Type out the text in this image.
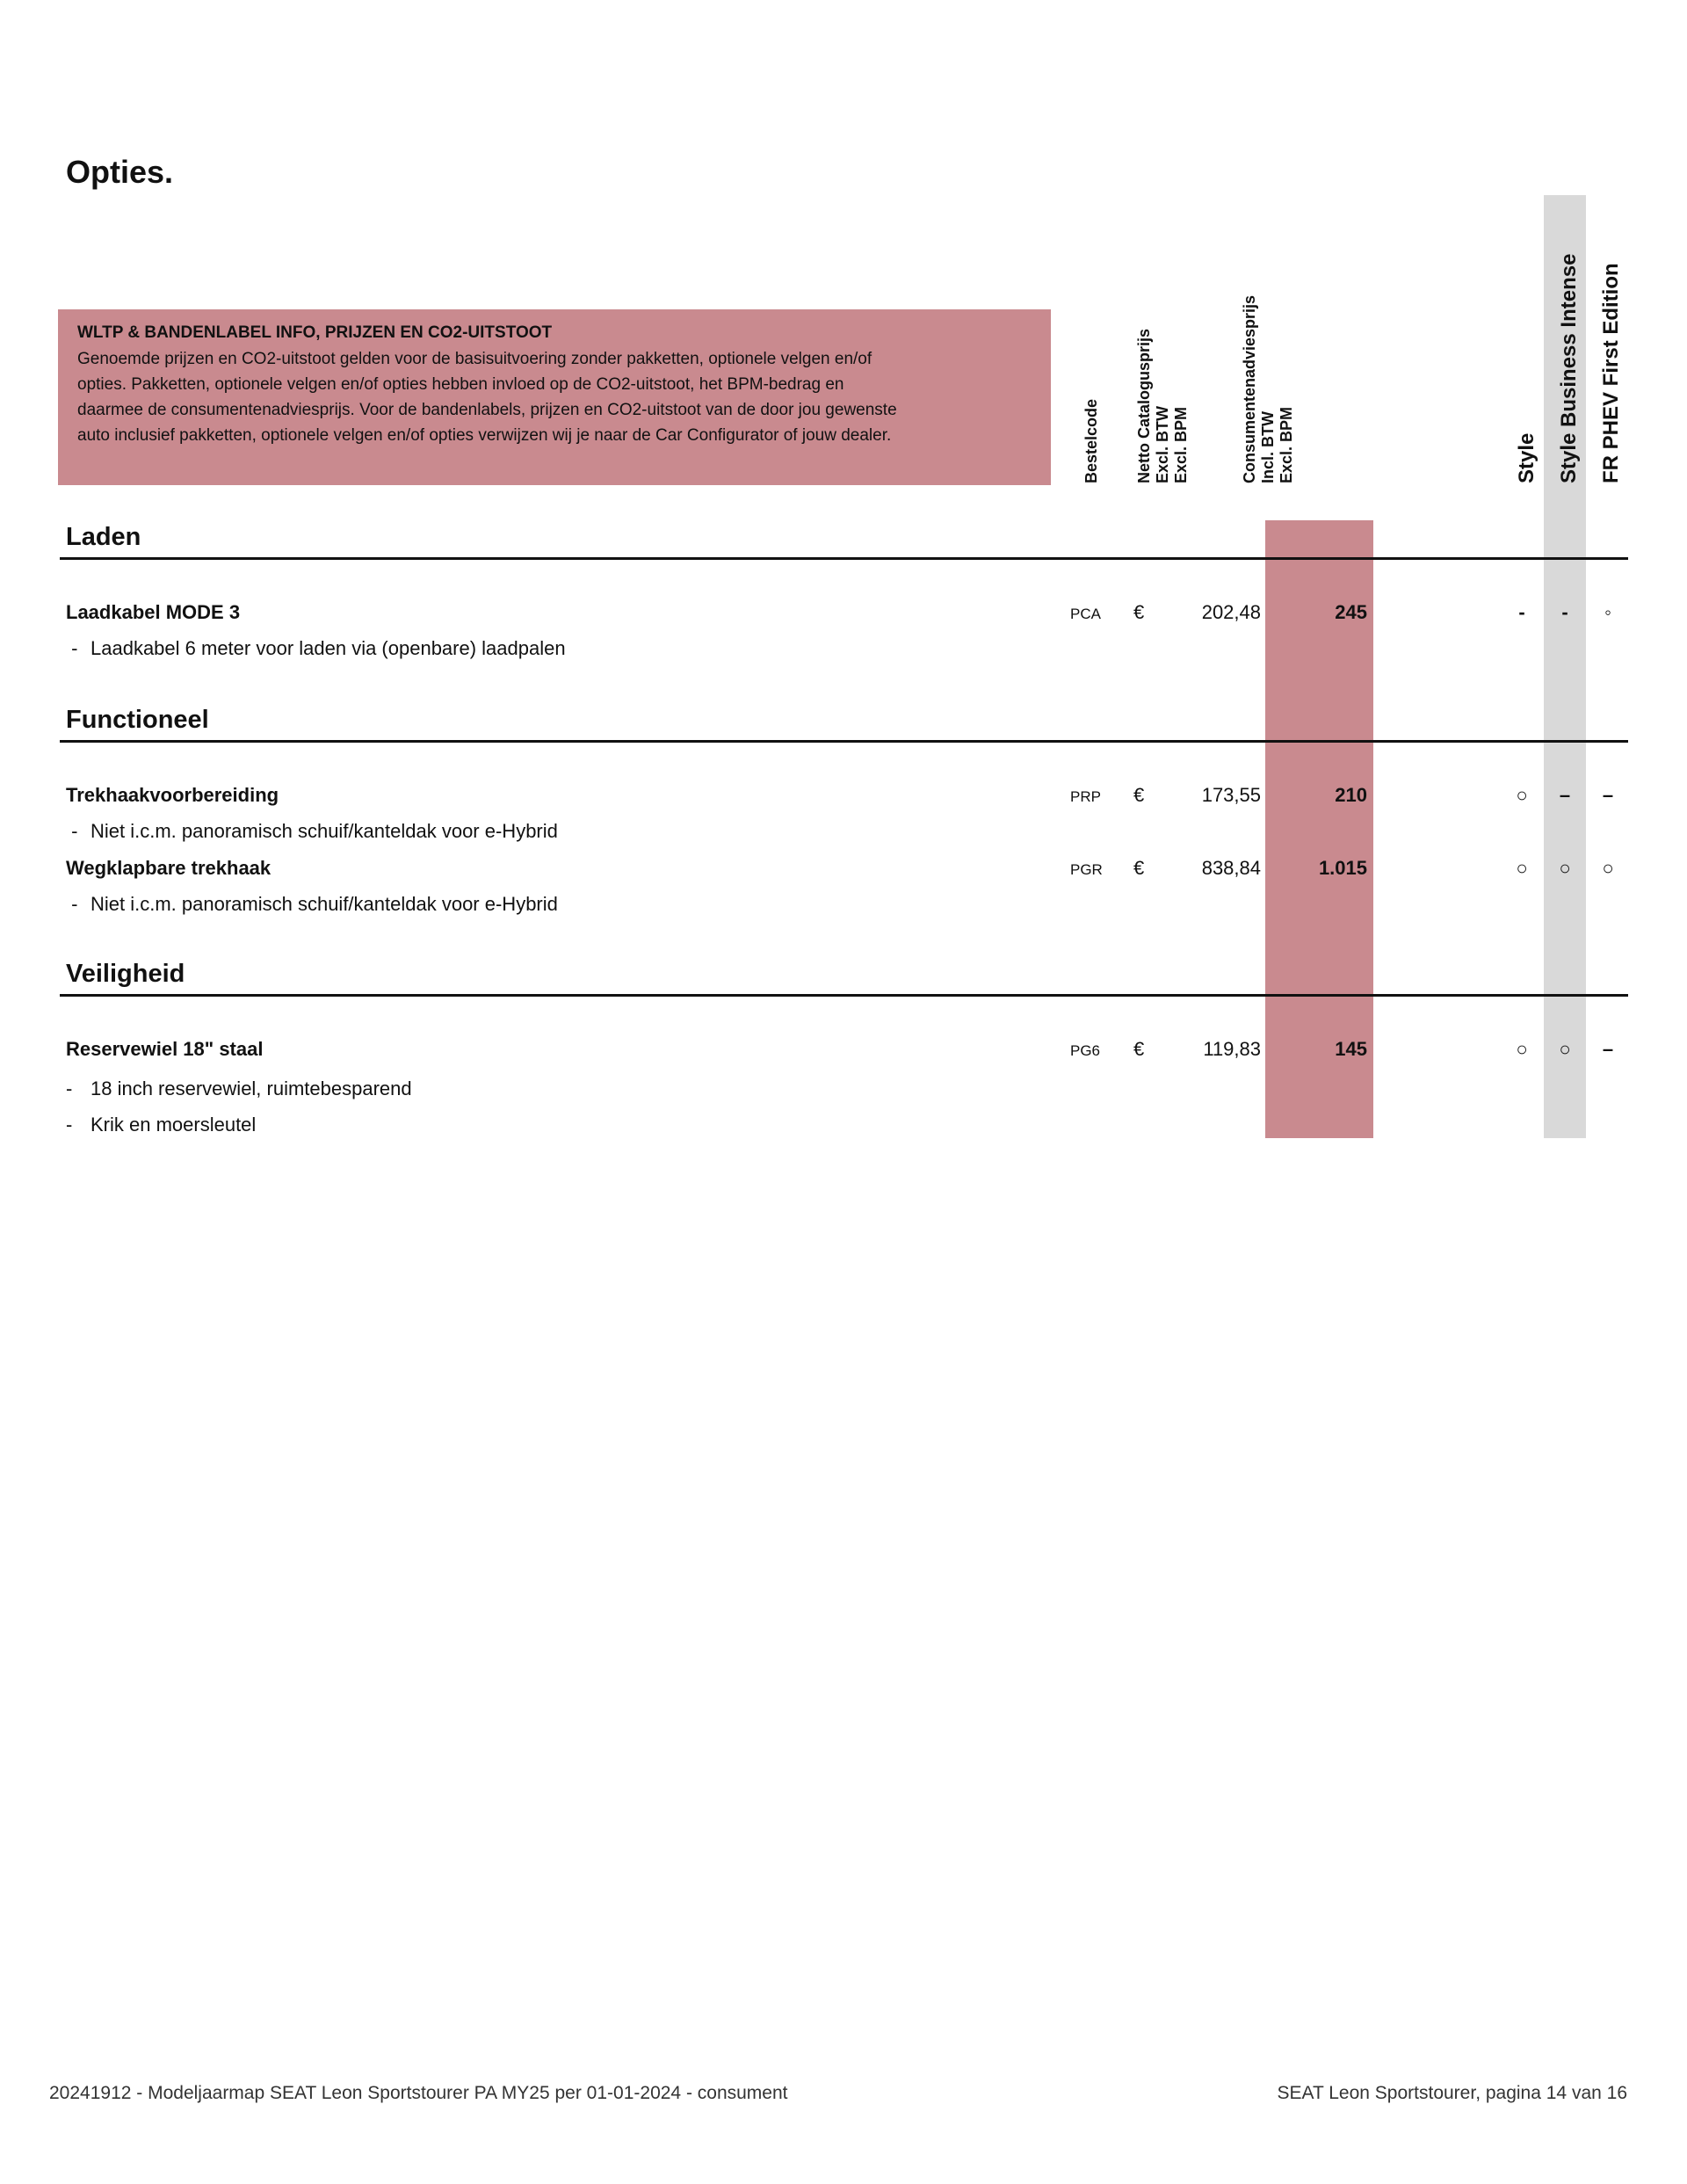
Opties.
WLTP & BANDENLABEL INFO, PRIJZEN EN CO2-UITSTOOT
Genoemde prijzen en CO2-uitstoot gelden voor de basisuitvoering zonder pakketten, optionele velgen en/of
opties. Pakketten, optionele velgen en/of opties hebben invloed op de CO2-uitstoot, het BPM-bedrag en
daarmee de consumentenadviesprijs. Voor de bandenlabels, prijzen en CO2-uitstoot van de door jou gewenste
auto inclusief pakketten, optionele velgen en/of opties verwijzen wij je naar de Car Configurator of jouw dealer.	Bestelcode Netto Catalogusprijs Excl. BTW Excl. BPM	Consumentenadviesprijs Incl. BTW Excl. BPM	Style Style Business Intense FR PHEV First Edition
Laden
Laadkabel MODE 3
- Laadkabel 6 meter voor laden via (openbare) laadpalen
PCA €	202,48	245	-	-	◦
Functioneel
Trekhaakvoorbereiding
- Niet i.c.m. panoramisch schuif/kanteldak voor e-Hybrid
PRP €	173,55	210	○	–	–
Wegklapbare trekhaak
- Niet i.c.m. panoramisch schuif/kanteldak voor e-Hybrid
PGR €	838,84	1.015	○	○	○
Veiligheid
Reservewiel 18" staal
- 18 inch reservewiel, ruimtebesparend
- Krik en moersleutel
PG6 €	119,83	145	○	○	–
20241912 - Modeljaarmap SEAT Leon Sportstourer PA MY25 per 01-01-2024 - consument	SEAT Leon Sportstourer, pagina 14 van 16
